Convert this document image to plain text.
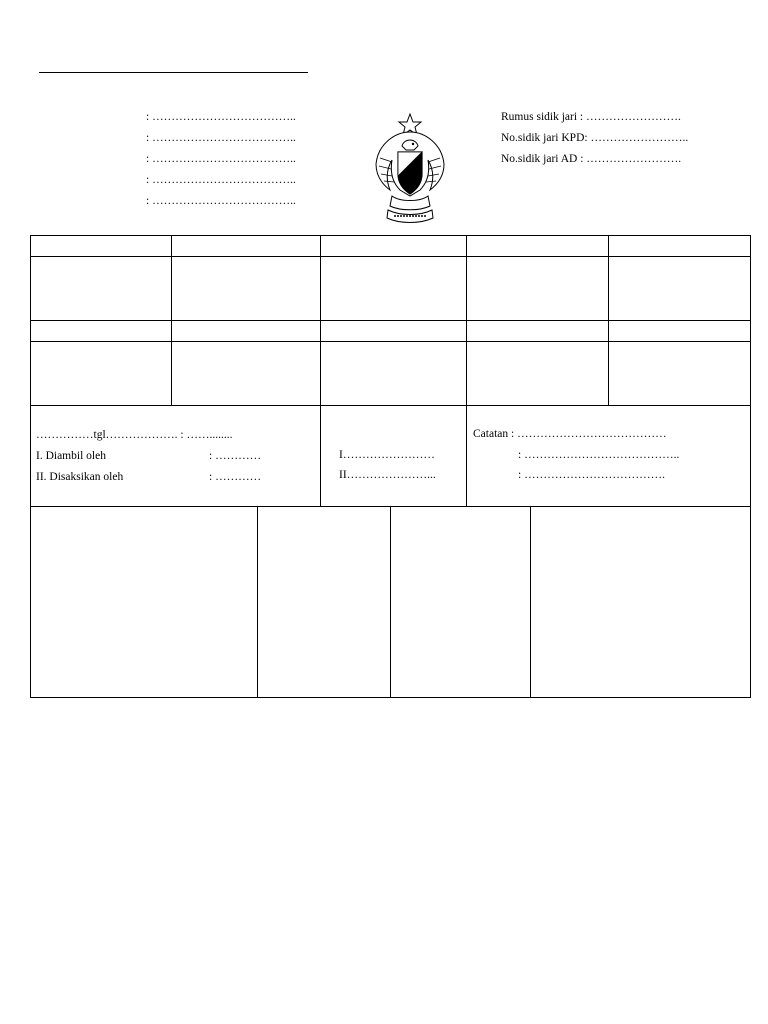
: ………………………………..
: ………………………………..
: ………………………………..
: ………………………………..
: ………………………………..
Rumus sidik jari : …………………….
No.sidik jari KPD: ……………………..
No.sidik jari AD : …………………….
……………tgl………………. : ……........
I. Diambil oleh	: …………
II. Disaksikan oleh	: …………
I……………………
II…………………...
Catatan : …………………………………
: …………………………………..
: ……………………………….
